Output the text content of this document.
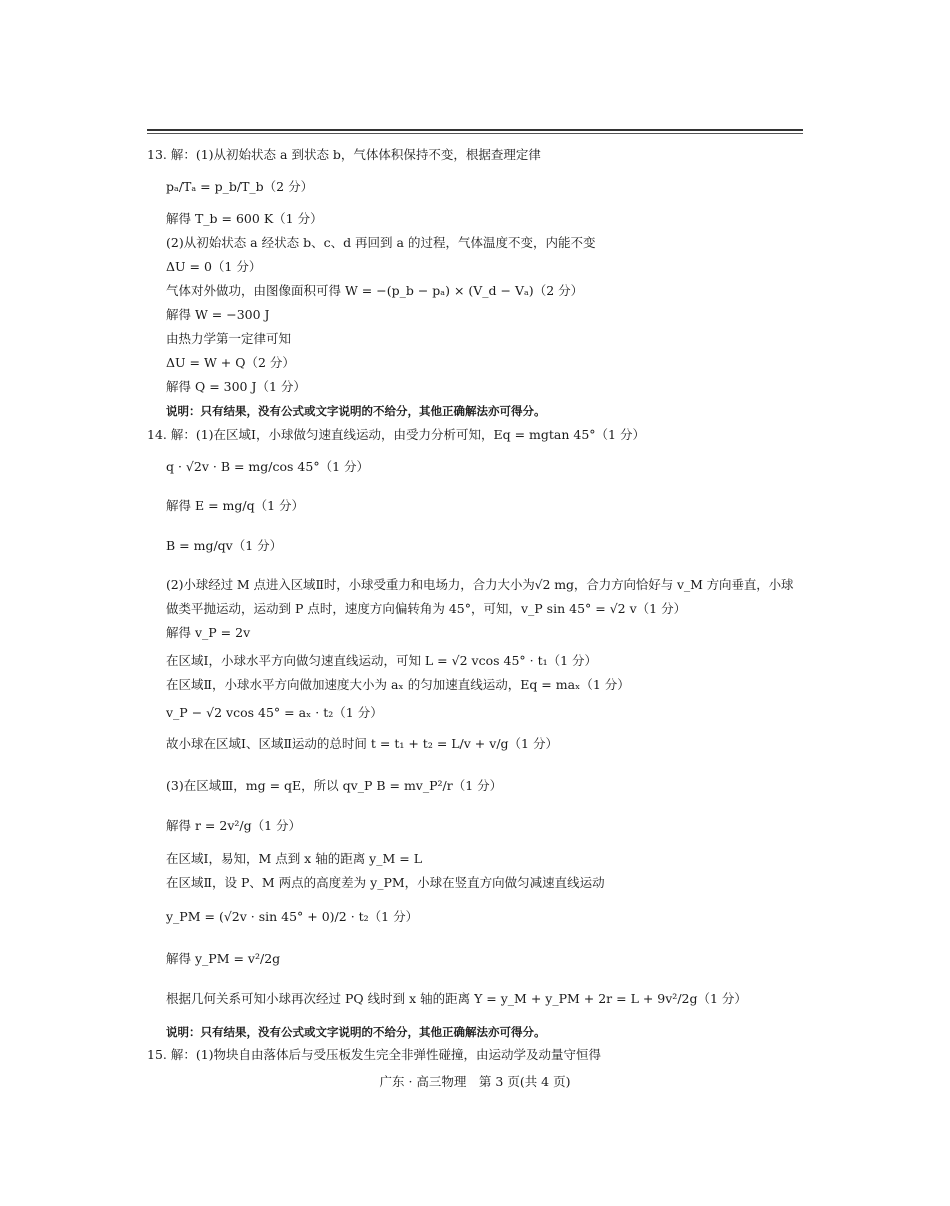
13. 解：(1)从初始状态 a 到状态 b，气体体积保持不变，根据查理定律
pₐ/Tₐ = p_b/T_b（2 分）
解得 T_b = 600 K（1 分）
(2)从初始状态 a 经状态 b、c、d 再回到 a 的过程，气体温度不变，内能不变
ΔU = 0（1 分）
气体对外做功，由图像面积可得 W = −(p_b − pₐ) × (V_d − Vₐ)（2 分）
解得 W = −300 J
由热力学第一定律可知
ΔU = W + Q（2 分）
解得 Q = 300 J（1 分）
说明：只有结果，没有公式或文字说明的不给分，其他正确解法亦可得分。
14. 解：(1)在区域Ⅰ，小球做匀速直线运动，由受力分析可知，Eq = mgtan 45°（1 分）
q · √2v · B = mg/cos 45°（1 分）
解得 E = mg/q（1 分）
B = mg/qv（1 分）
(2)小球经过 M 点进入区域Ⅱ时，小球受重力和电场力，合力大小为√2 mg，合力方向恰好与 v_M 方向垂直，小球
做类平抛运动，运动到 P 点时，速度方向偏转角为 45°，可知，v_P sin 45° = √2 v（1 分）
解得 v_P = 2v
在区域Ⅰ，小球水平方向做匀速直线运动，可知 L = √2 vcos 45° · t₁（1 分）
在区域Ⅱ，小球水平方向做加速度大小为 aₓ 的匀加速直线运动，Eq = maₓ（1 分）
v_P − √2 vcos 45° = aₓ · t₂（1 分）
故小球在区域Ⅰ、区域Ⅱ运动的总时间 t = t₁ + t₂ = L/v + v/g（1 分）
(3)在区域Ⅲ，mg = qE，所以 qv_P B = mv_P²/r（1 分）
解得 r = 2v²/g（1 分）
在区域Ⅰ，易知，M 点到 x 轴的距离 y_M = L
在区域Ⅱ，设 P、M 两点的高度差为 y_PM，小球在竖直方向做匀减速直线运动
y_PM = (√2v · sin 45° + 0)/2 · t₂（1 分）
解得 y_PM = v²/2g
根据几何关系可知小球再次经过 PQ 线时到 x 轴的距离 Y = y_M + y_PM + 2r = L + 9v²/2g（1 分）
说明：只有结果，没有公式或文字说明的不给分，其他正确解法亦可得分。
15. 解：(1)物块自由落体后与受压板发生完全非弹性碰撞，由运动学及动量守恒得
广东 · 高三物理　第 3 页(共 4 页)
